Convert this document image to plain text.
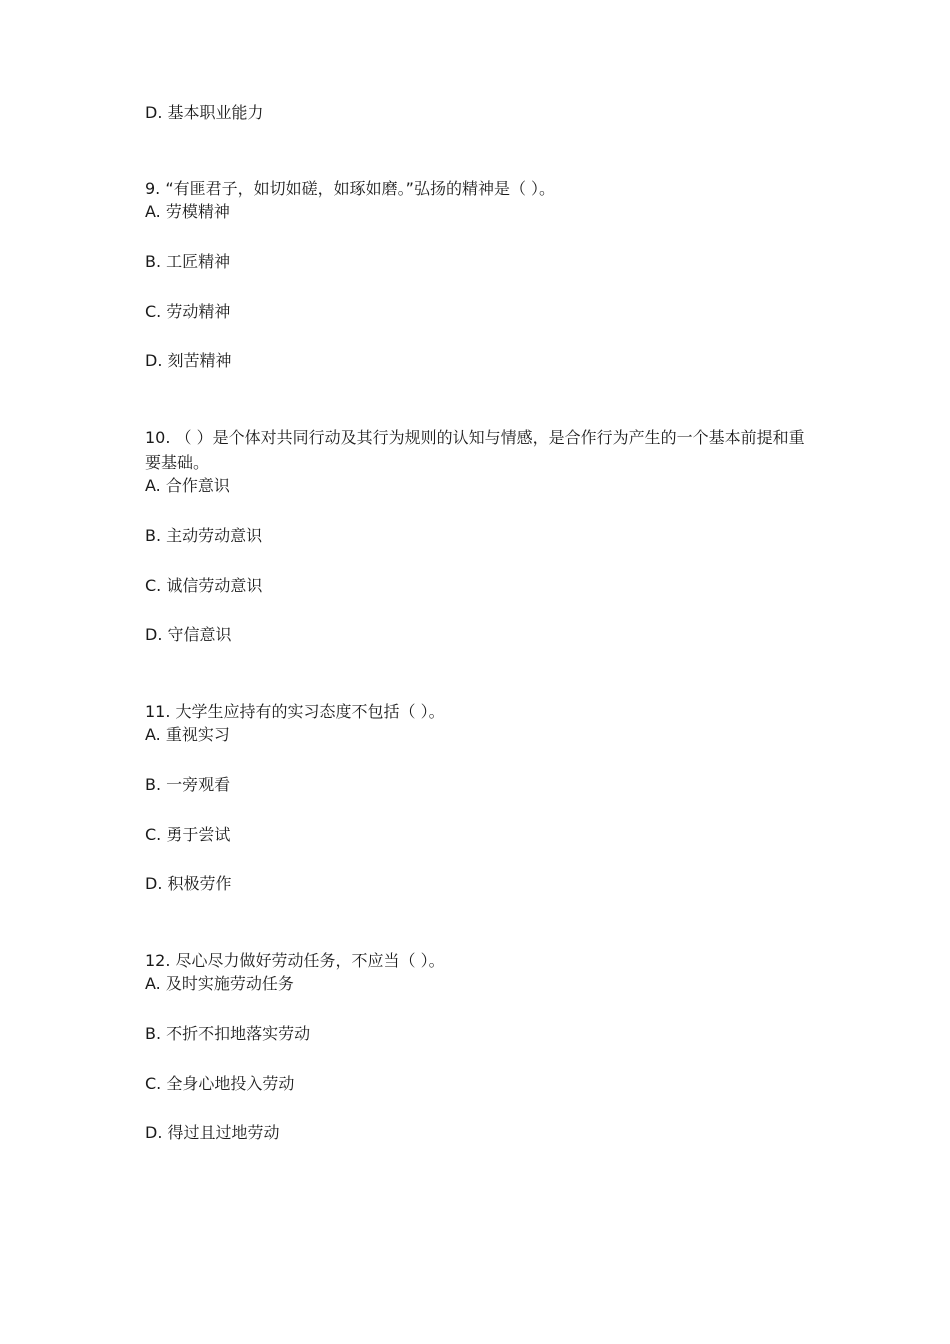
D. 基本职业能力
9. “有匪君子，如切如磋，如琢如磨。”弘扬的精神是（ ）。
A. 劳模精神
B. 工匠精神
C. 劳动精神
D. 刻苦精神
10. （ ）是个体对共同行动及其行为规则的认知与情感，是合作行为产生的一个基本前提和重要基础。
A. 合作意识
B. 主动劳动意识
C. 诚信劳动意识
D. 守信意识
11. 大学生应持有的实习态度不包括（ ）。
A. 重视实习
B. 一旁观看
C. 勇于尝试
D. 积极劳作
12. 尽心尽力做好劳动任务，不应当（ ）。
A. 及时实施劳动任务
B. 不折不扣地落实劳动
C. 全身心地投入劳动
D. 得过且过地劳动
